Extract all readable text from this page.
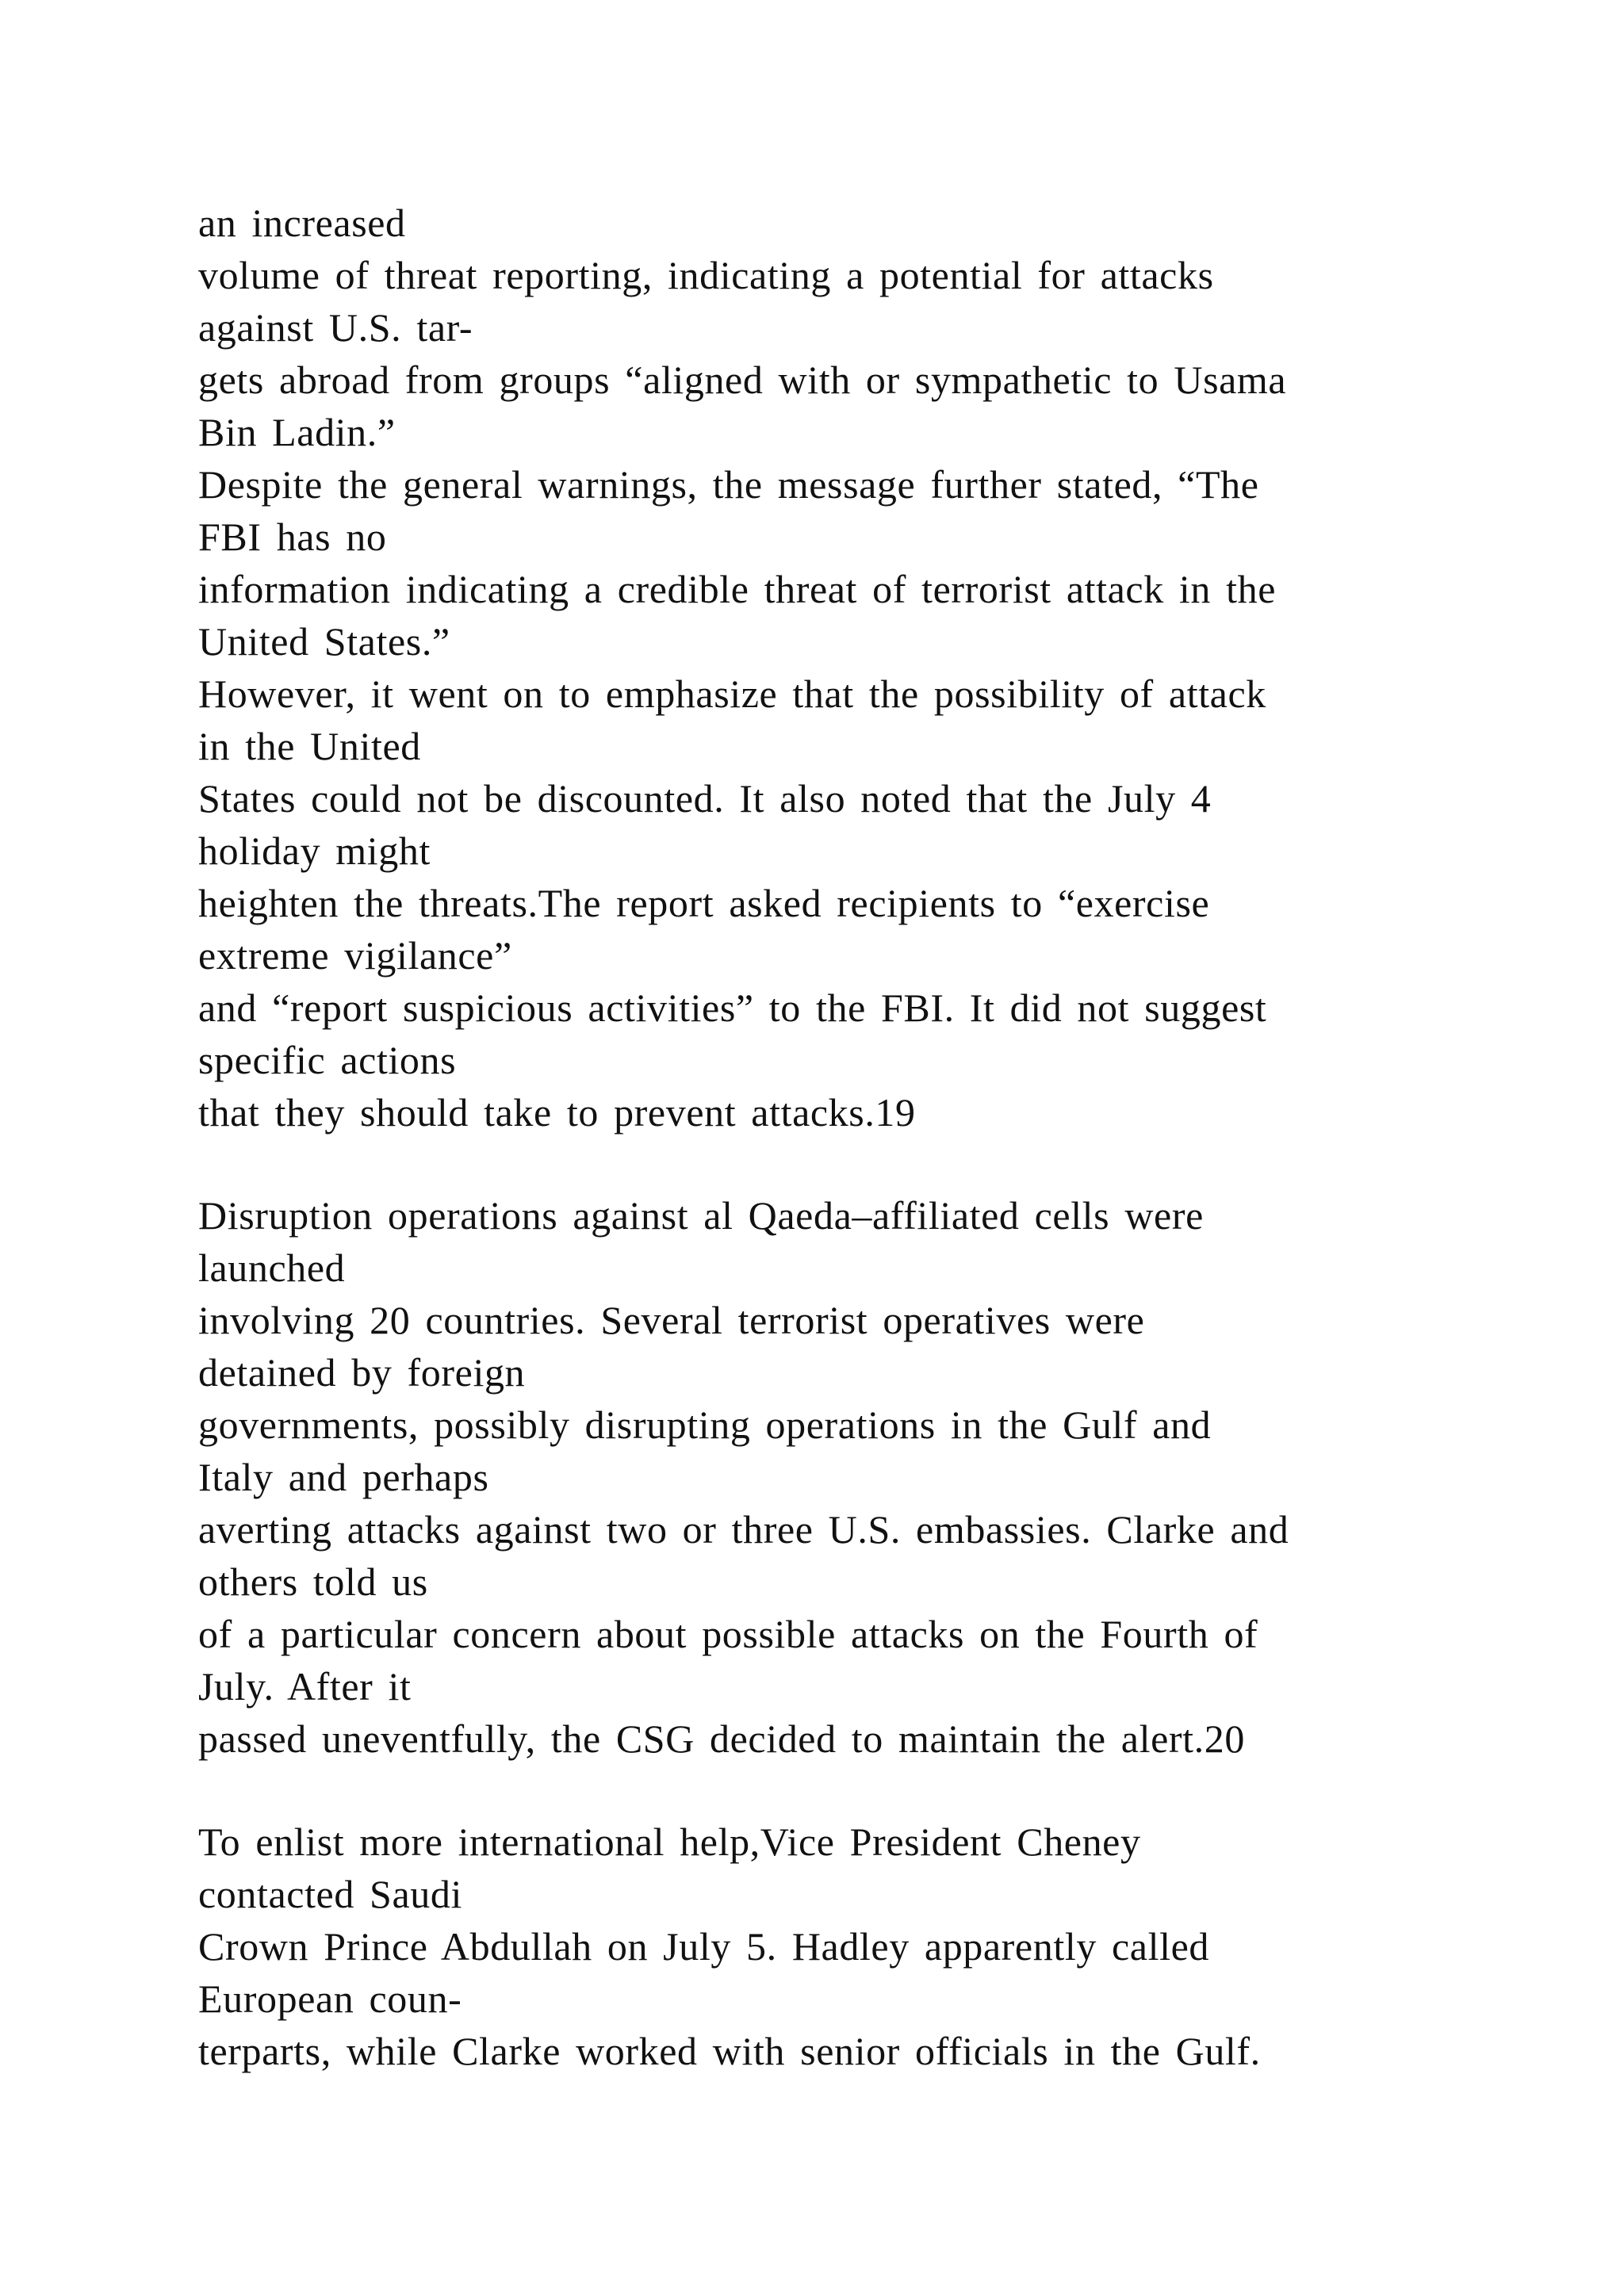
an increased
volume of threat reporting, indicating a potential for attacks
against U.S. tar-
gets abroad from groups “aligned with or sympathetic to Usama
Bin Ladin.”
Despite the general warnings, the message further stated, “The
FBI has no
information indicating a credible threat of terrorist attack in the
United States.”
However, it went on to emphasize that the possibility of attack
in the United
States could not be discounted. It also noted that the July 4
holiday might
heighten the threats.The report asked recipients to “exercise
extreme vigilance”
and “report suspicious activities” to the FBI. It did not suggest
specific actions
that they should take to prevent attacks.19
Disruption operations against al Qaeda–affiliated cells were
launched
involving 20 countries. Several terrorist operatives were
detained by foreign
governments, possibly disrupting operations in the Gulf and
Italy and perhaps
averting attacks against two or three U.S. embassies. Clarke and
others told us
of a particular concern about possible attacks on the Fourth of
July. After it
passed uneventfully, the CSG decided to maintain the alert.20
To enlist more international help,Vice President Cheney
contacted Saudi
Crown Prince Abdullah on July 5. Hadley apparently called
European coun-
terparts, while Clarke worked with senior officials in the Gulf.
